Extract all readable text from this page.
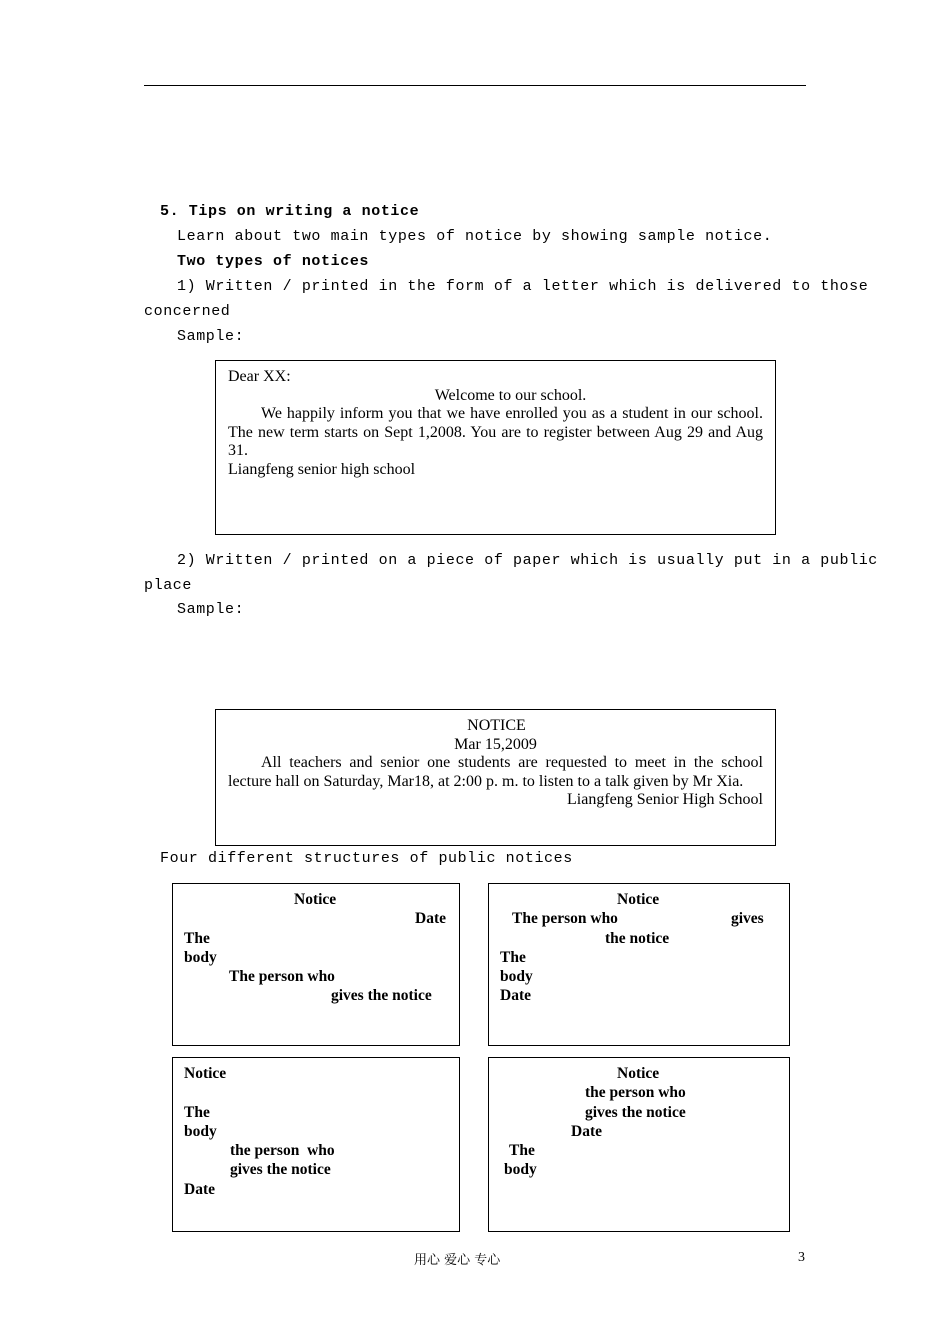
5. Tips on writing a notice
Learn about two main types of notice by showing sample notice.
Two types of notices
1) Written / printed in the form of a letter which is delivered to those
concerned
Sample:
Dear XX:
Welcome to our school.
We happily inform you that we have enrolled you as a student in our school. The new term starts on Sept 1,2008. You are to register between Aug 29 and Aug 31.
Liangfeng senior high school
2) Written / printed on a piece of paper which is usually put in a public
place
Sample:
NOTICE
Mar 15,2009
All teachers and senior one students are requested to meet in the school lecture hall on Saturday, Mar18, at 2:00 p. m. to listen to a talk given by Mr Xia.
Liangfeng Senior High School
Four different structures of public notices
Notice
Date
The
body
The person who
gives the notice
Notice
The person who	gives
the notice
The
body
Date
Notice
The
body
the person  who
gives the notice
Date
Notice
the person who
gives the notice
Date
The
body
用心 爱心 专心	3
